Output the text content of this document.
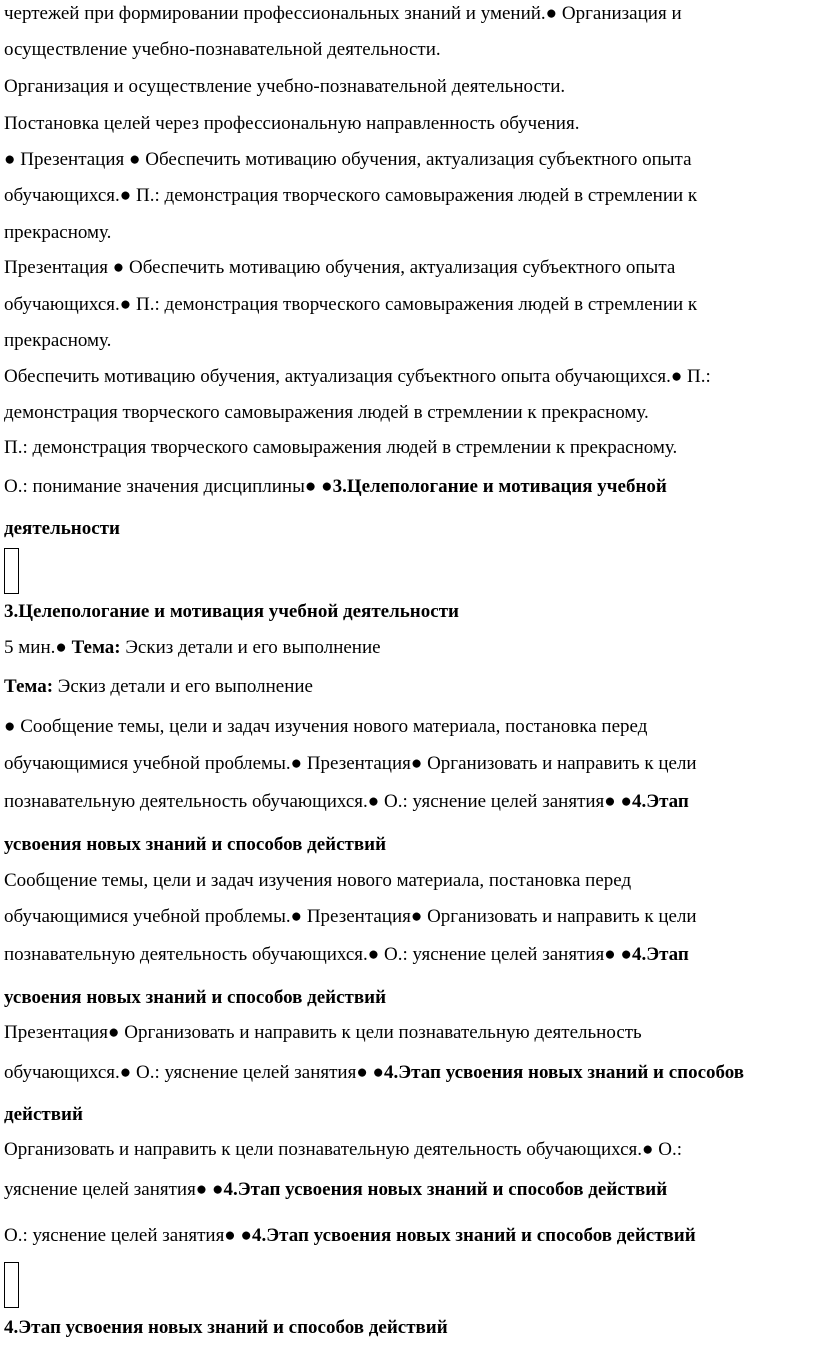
чертежей при формировании профессиональных знаний и умений.● Организация и
осуществление учебно-познавательной деятельности.
Организация и осуществление учебно-познавательной деятельности.
Постановка целей через профессиональную направленность обучения.
● Презентация ● Обеспечить мотивацию обучения, актуализация субъектного опыта
обучающихся.● П.: демонстрация творческого самовыражения людей в стремлении к
прекрасному.
Презентация ● Обеспечить мотивацию обучения, актуализация субъектного опыта
обучающихся.● П.: демонстрация творческого самовыражения людей в стремлении к
прекрасному.
Обеспечить мотивацию обучения, актуализация субъектного опыта обучающихся.● П.:
демонстрация творческого самовыражения людей в стремлении к прекрасному.
П.: демонстрация творческого самовыражения людей в стремлении к прекрасному.
О.: понимание значения дисциплины● ●3.Целепологание и мотивация учебной
деятельности
3.Целепологание и мотивация учебной деятельности
5 мин.● Тема: Эскиз детали и его выполнение
Тема: Эскиз детали и его выполнение
● Сообщение темы, цели и задач изучения нового материала, постановка перед
обучающимися учебной проблемы.● Презентация● Организовать и направить к цели
познавательную деятельность обучающихся.● О.: уяснение целей занятия● ●4.Этап
усвоения новых знаний и способов действий
Сообщение темы, цели и задач изучения нового материала, постановка перед
обучающимися учебной проблемы.● Презентация● Организовать и направить к цели
познавательную деятельность обучающихся.● О.: уяснение целей занятия● ●4.Этап
усвоения новых знаний и способов действий
Презентация● Организовать и направить к цели познавательную деятельность
обучающихся.● О.: уяснение целей занятия● ●4.Этап усвоения новых знаний и способов
действий
Организовать и направить к цели познавательную деятельность обучающихся.● О.:
уяснение целей занятия● ●4.Этап усвоения новых знаний и способов действий
О.: уяснение целей занятия● ●4.Этап усвоения новых знаний и способов действий
4.Этап усвоения новых знаний и способов действий
